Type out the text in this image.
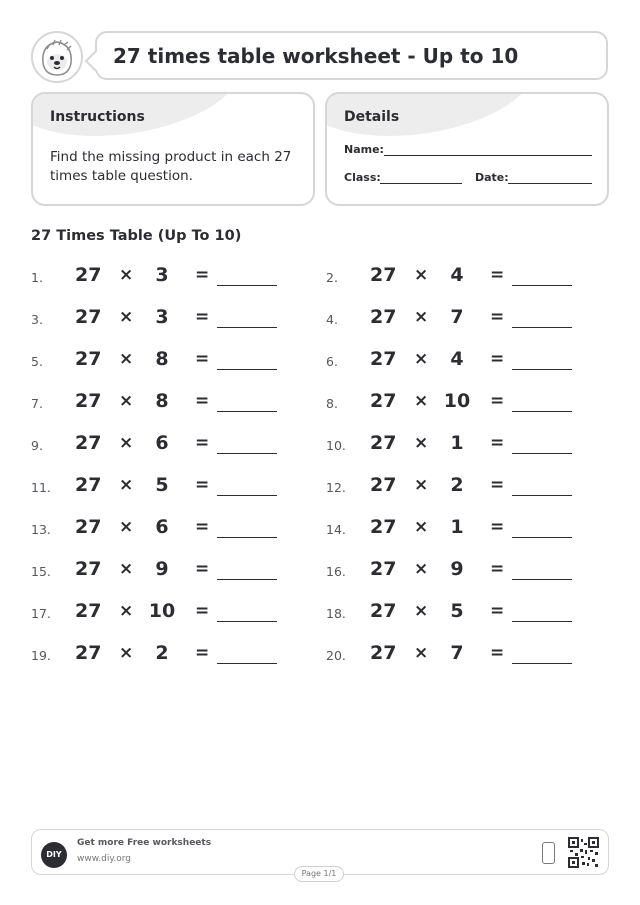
27 times table worksheet - Up to 10
Instructions
Find the missing product in each 27 times table question.
Details
Name:
Class:	Date:
27 Times Table (Up To 10)
1. 27 ×	3	=	2. 27 ×	4	=
3. 27 ×	3	=	4. 27 ×	7	=
5. 27 ×	8	=	6. 27 ×	4	=
7. 27 ×	8	=	8. 27 × 10 =
9. 27 ×	6	=	10. 27 ×	1	=
11. 27 ×	5	=	12. 27 ×	2	=
13. 27 ×	6	=	14. 27 ×	1	=
15. 27 ×	9	=	16. 27 ×	9	=
17. 27 × 10 =	18. 27 ×	5	=
19. 27 ×	2	=	20. 27 ×	7	=
DIY
Get more Free worksheets
www.diy.org
Page 1/1
